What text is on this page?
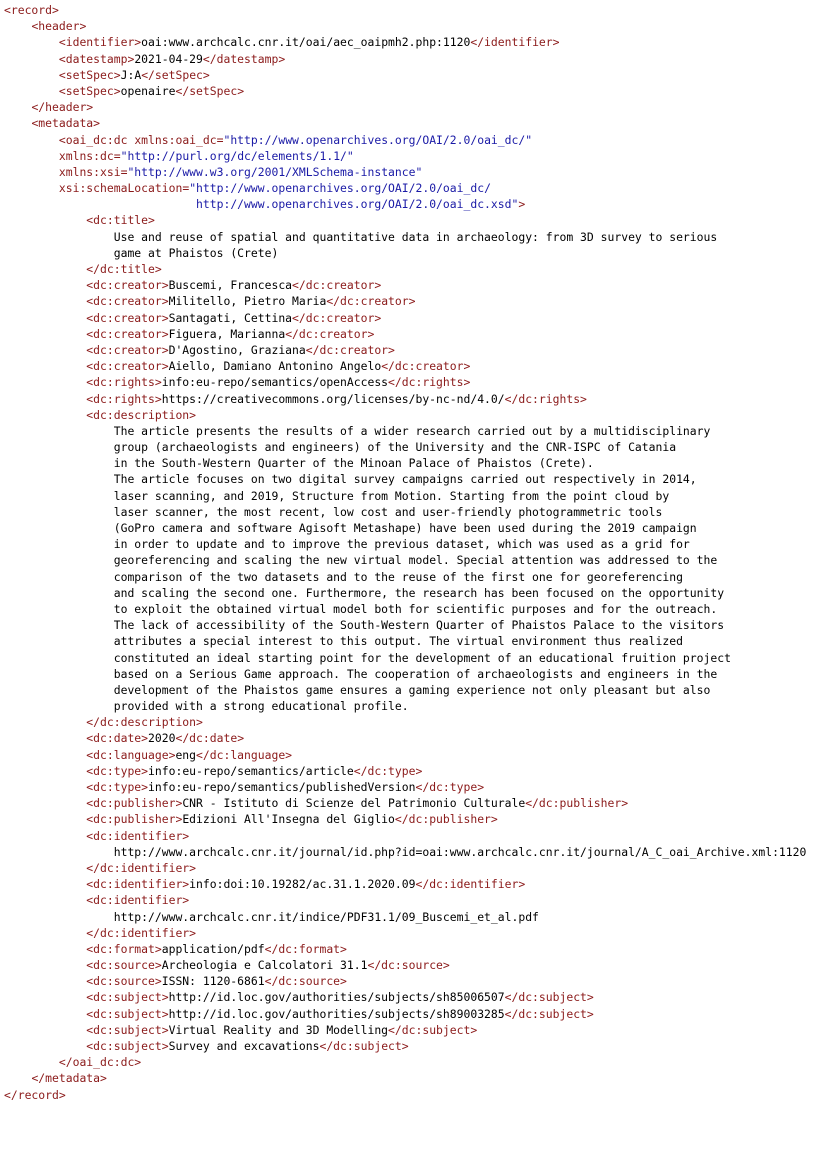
<record>
<header>
<identifier>oai:www.archcalc.cnr.it/oai/aec_oaipmh2.php:1120</identifier>
<datestamp>2021-04-29</datestamp>
<setSpec>J:A</setSpec>
<setSpec>openaire</setSpec>
</header>
<metadata>
<oai_dc:dc xmlns:oai_dc="http://www.openarchives.org/OAI/2.0/oai_dc/"
xmlns:dc="http://purl.org/dc/elements/1.1/"
xmlns:xsi="http://www.w3.org/2001/XMLSchema-instance"
xsi:schemaLocation="http://www.openarchives.org/OAI/2.0/oai_dc/
http://www.openarchives.org/OAI/2.0/oai_dc.xsd">
<dc:title>
Use and reuse of spatial and quantitative data in archaeology: from 3D survey to serious
game at Phaistos (Crete)
</dc:title>
<dc:creator>Buscemi, Francesca</dc:creator>
<dc:creator>Militello, Pietro Maria</dc:creator>
<dc:creator>Santagati, Cettina</dc:creator>
<dc:creator>Figuera, Marianna</dc:creator>
<dc:creator>D'Agostino, Graziana</dc:creator>
<dc:creator>Aiello, Damiano Antonino Angelo</dc:creator>
<dc:rights>info:eu-repo/semantics/openAccess</dc:rights>
<dc:rights>https://creativecommons.org/licenses/by-nc-nd/4.0/</dc:rights>
<dc:description>
The article presents the results of a wider research carried out by a multidisciplinary
group (archaeologists and engineers) of the University and the CNR-ISPC of Catania
in the South-Western Quarter of the Minoan Palace of Phaistos (Crete).
The article focuses on two digital survey campaigns carried out respectively in 2014,
laser scanning, and 2019, Structure from Motion. Starting from the point cloud by
laser scanner, the most recent, low cost and user-friendly photogrammetric tools
(GoPro camera and software Agisoft Metashape) have been used during the 2019 campaign
in order to update and to improve the previous dataset, which was used as a grid for
georeferencing and scaling the new virtual model. Special attention was addressed to the
comparison of the two datasets and to the reuse of the first one for georeferencing
and scaling the second one. Furthermore, the research has been focused on the opportunity
to exploit the obtained virtual model both for scientific purposes and for the outreach.
The lack of accessibility of the South-Western Quarter of Phaistos Palace to the visitors
attributes a special interest to this output. The virtual environment thus realized
constituted an ideal starting point for the development of an educational fruition project
based on a Serious Game approach. The cooperation of archaeologists and engineers in the
development of the Phaistos game ensures a gaming experience not only pleasant but also
provided with a strong educational profile.
</dc:description>
<dc:date>2020</dc:date>
<dc:language>eng</dc:language>
<dc:type>info:eu-repo/semantics/article</dc:type>
<dc:type>info:eu-repo/semantics/publishedVersion</dc:type>
<dc:publisher>CNR - Istituto di Scienze del Patrimonio Culturale</dc:publisher>
<dc:publisher>Edizioni All'Insegna del Giglio</dc:publisher>
<dc:identifier>
http://www.archcalc.cnr.it/journal/id.php?id=oai:www.archcalc.cnr.it/journal/A_C_oai_Archive.xml:1120
</dc:identifier>
<dc:identifier>info:doi:10.19282/ac.31.1.2020.09</dc:identifier>
<dc:identifier>
http://www.archcalc.cnr.it/indice/PDF31.1/09_Buscemi_et_al.pdf
</dc:identifier>
<dc:format>application/pdf</dc:format>
<dc:source>Archeologia e Calcolatori 31.1</dc:source>
<dc:source>ISSN: 1120-6861</dc:source>
<dc:subject>http://id.loc.gov/authorities/subjects/sh85006507</dc:subject>
<dc:subject>http://id.loc.gov/authorities/subjects/sh89003285</dc:subject>
<dc:subject>Virtual Reality and 3D Modelling</dc:subject>
<dc:subject>Survey and excavations</dc:subject>
</oai_dc:dc>
</metadata>
</record>
